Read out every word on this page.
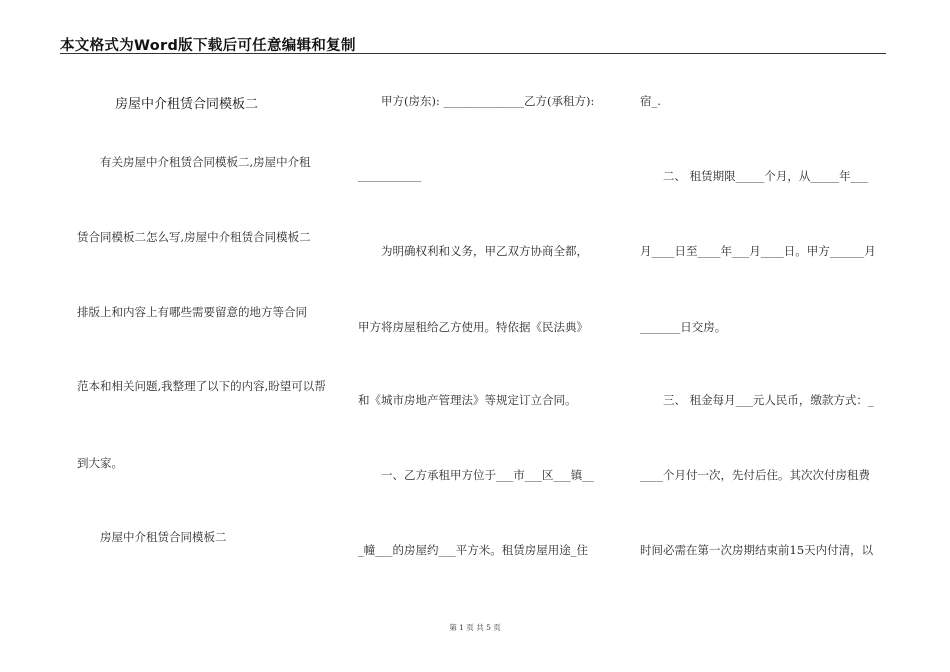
本文格式为Word版下载后可任意编辑和复制
房屋中介租赁合同模板二
有关房屋中介租赁合同模板二,房屋中介租
赁合同模板二怎么写,房屋中介租赁合同模板二
排版上和内容上有哪些需要留意的地方等合同
范本和相关问题,我整理了以下的内容,盼望可以帮
到大家。
房屋中介租赁合同模板二
甲方(房东): ______________乙方(承租方):
___________
为明确权利和义务，甲乙双方协商全都，
甲方将房屋租给乙方使用。特依据《民法典》
和《城市房地产管理法》等规定订立合同。
一、乙方承租甲方位于___市___区___镇__
_幢___的房屋约___平方米。租赁房屋用途_住
宿_.
二、 租赁期限_____个月，从_____年___
月____日至____年___月____日。甲方______月
_______日交房。
三、 租金每月___元人民币，缴款方式：_
____个月付一次，先付后住。其次次付房租费
时间必需在第一次房期结束前15天内付清，以
第 1 页 共 5 页
